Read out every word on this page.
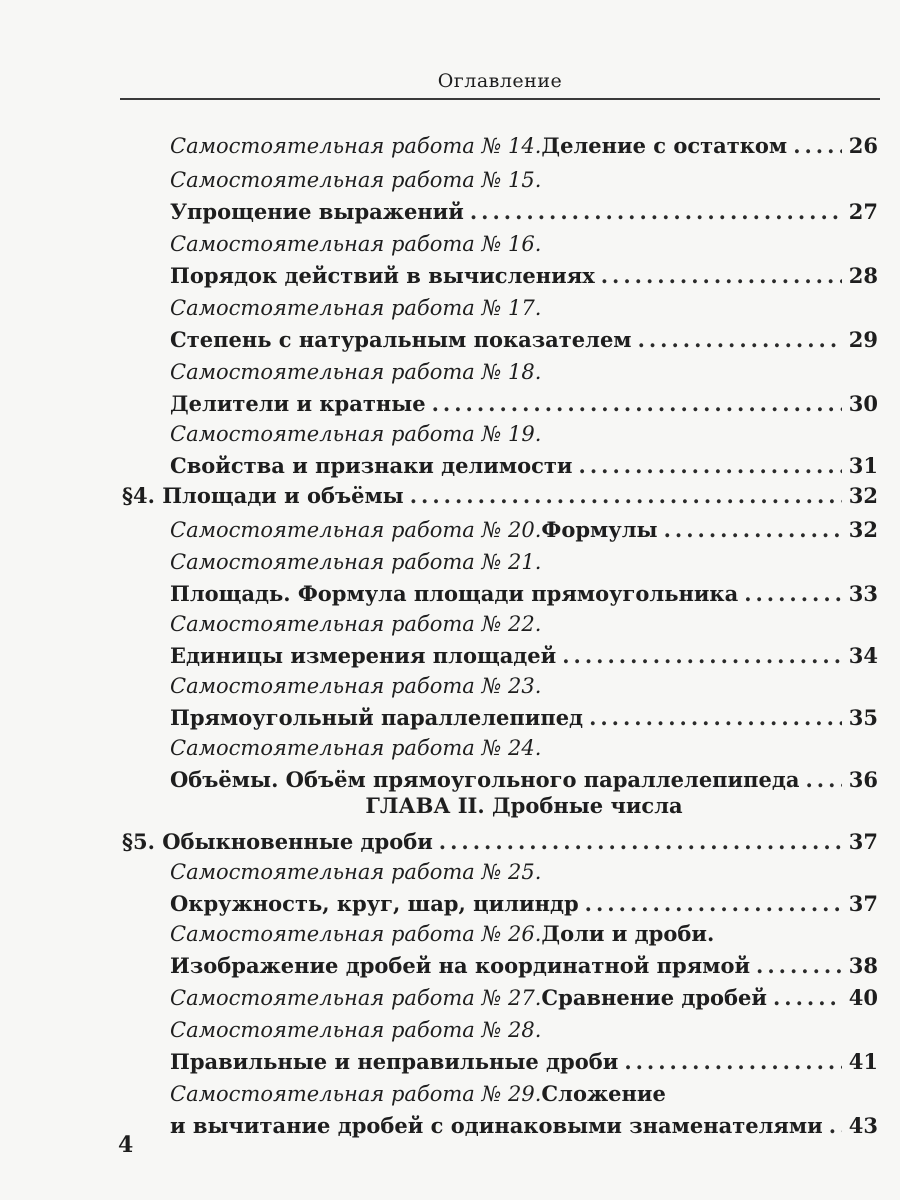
Оглавление
Самостоятельная работа № 14. Деление с остатком .....	26
Самостоятельная работа № 15.
Упрощение выражений .....	27
Самостоятельная работа № 16.
Порядок действий в вычислениях .....	28
Самостоятельная работа № 17.
Степень с натуральным показателем .....	29
Самостоятельная работа № 18.
Делители и кратные .....	30
Самостоятельная работа № 19.
Свойства и признаки делимости .....	31
§4. Площади и объёмы .....	32
Самостоятельная работа № 20. Формулы .....	32
Самостоятельная работа № 21.
Площадь. Формула площади прямоугольника .....	33
Самостоятельная работа № 22.
Единицы измерения площадей .....	34
Самостоятельная работа № 23.
Прямоугольный параллелепипед .....	35
Самостоятельная работа № 24.
Объёмы. Объём прямоугольного параллелепипеда ..... 36
ГЛАВА II. Дробные числа
§5. Обыкновенные дроби .....	37
Самостоятельная работа № 25.
Окружность, круг, шар, цилиндр .....	37
Самостоятельная работа № 26. Доли и дроби.
Изображение дробей на координатной прямой .....	38
Самостоятельная работа № 27. Сравнение дробей .....	40
Самостоятельная работа № 28.
Правильные и неправильные дроби .....	41
Самостоятельная работа № 29. Сложение
и вычитание дробей с одинаковыми знаменателями ..... 43
4
